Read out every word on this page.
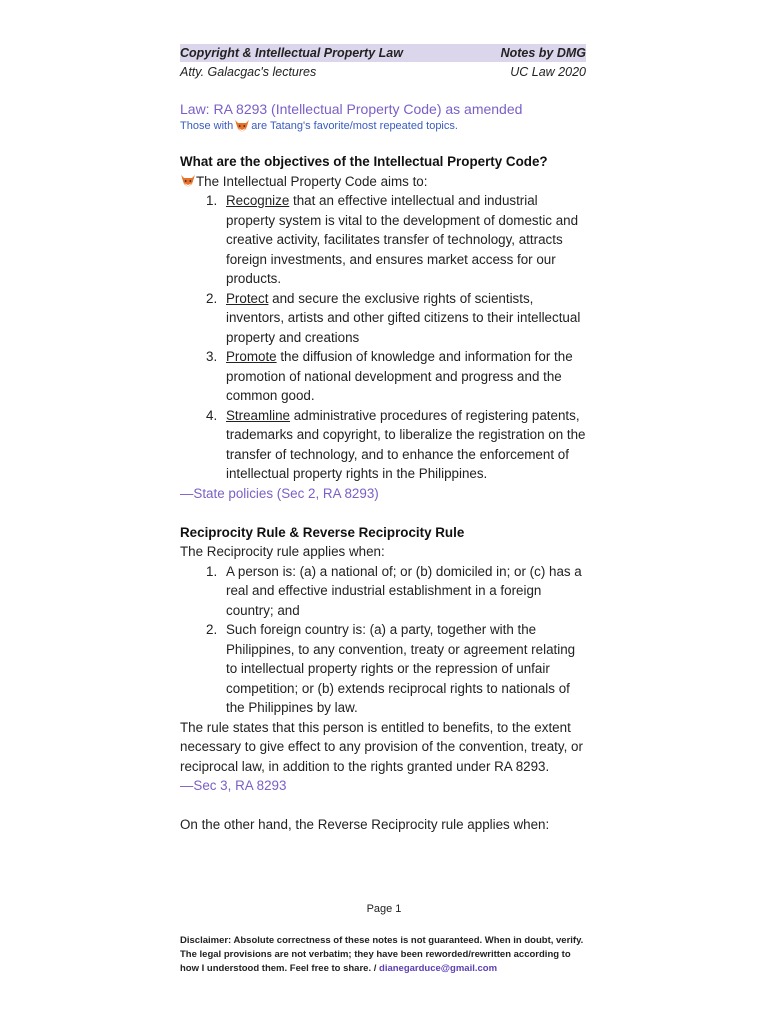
Copyright & Intellectual Property Law	Notes by DMG
Atty. Galacgac's lectures	UC Law 2020
Law: RA 8293 (Intellectual Property Code) as amended
Those with are Tatang's favorite/most repeated topics.
What are the objectives of the Intellectual Property Code?
The Intellectual Property Code aims to:
1. Recognize that an effective intellectual and industrial property system is vital to the development of domestic and creative activity, facilitates transfer of technology, attracts foreign investments, and ensures market access for our products.
2. Protect and secure the exclusive rights of scientists, inventors, artists and other gifted citizens to their intellectual property and creations
3. Promote the diffusion of knowledge and information for the promotion of national development and progress and the common good.
4. Streamline administrative procedures of registering patents, trademarks and copyright, to liberalize the registration on the transfer of technology, and to enhance the enforcement of intellectual property rights in the Philippines.
—State policies (Sec 2, RA 8293)
Reciprocity Rule & Reverse Reciprocity Rule
The Reciprocity rule applies when:
1. A person is: (a) a national of; or (b) domiciled in; or (c) has a real and effective industrial establishment in a foreign country; and
2. Such foreign country is: (a) a party, together with the Philippines, to any convention, treaty or agreement relating to intellectual property rights or the repression of unfair competition; or (b) extends reciprocal rights to nationals of the Philippines by law.
The rule states that this person is entitled to benefits, to the extent necessary to give effect to any provision of the convention, treaty, or reciprocal law, in addition to the rights granted under RA 8293.
—Sec 3, RA 8293
On the other hand, the Reverse Reciprocity rule applies when:
Page 1
Disclaimer: Absolute correctness of these notes is not guaranteed. When in doubt, verify. The legal provisions are not verbatim; they have been reworded/rewritten according to how I understood them. Feel free to share. / dianegarduce@gmail.com
